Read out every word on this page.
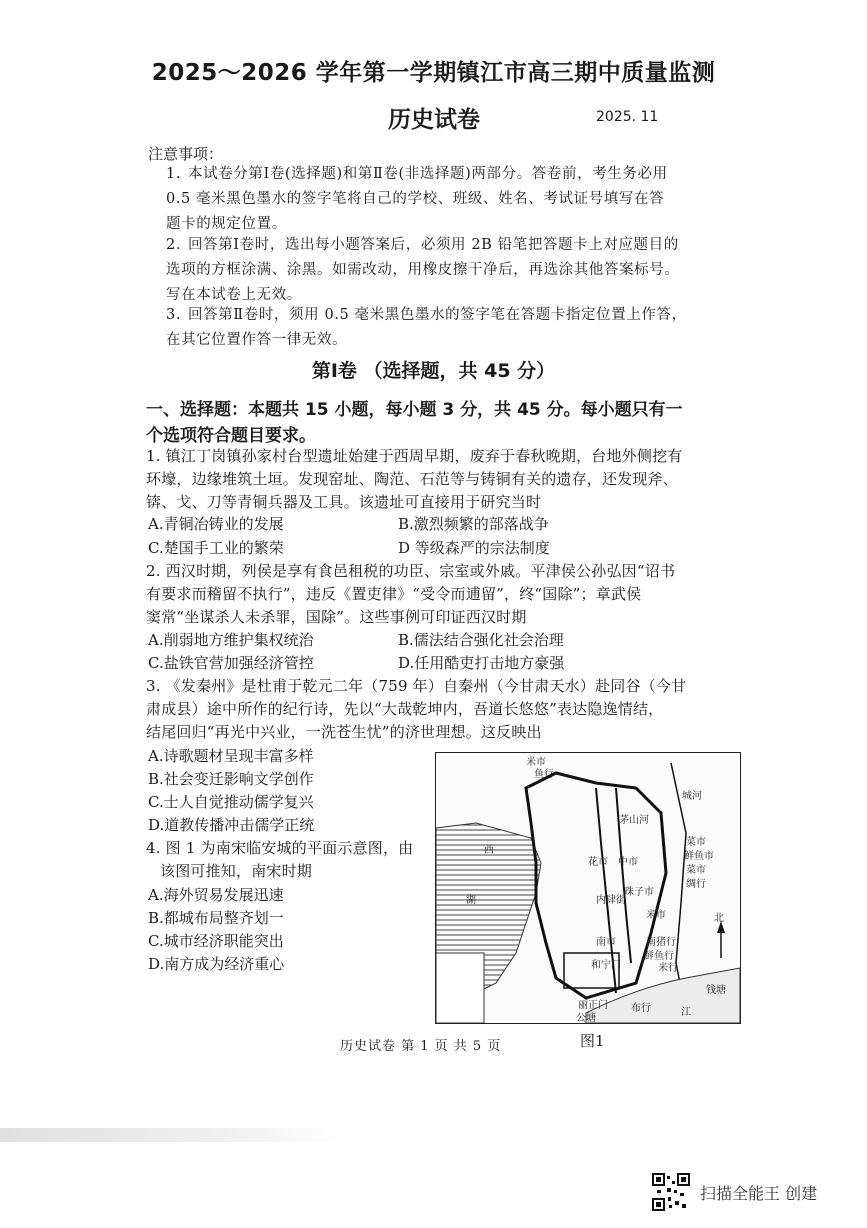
2025～2026 学年第一学期镇江市高三期中质量监测
历史试卷	2025. 11
注意事项：
1. 本试卷分第Ⅰ卷(选择题)和第Ⅱ卷(非选择题)两部分。答卷前，考生务必用
0.5 毫米黑色墨水的签字笔将自己的学校、班级、姓名、考试证号填写在答
题卡的规定位置。
2. 回答第Ⅰ卷时，选出每小题答案后，必须用 2B 铅笔把答题卡上对应题目的
选项的方框涂满、涂黑。如需改动，用橡皮擦干净后，再选涂其他答案标号。
写在本试卷上无效。
3. 回答第Ⅱ卷时，须用 0.5 毫米黑色墨水的签字笔在答题卡指定位置上作答，
在其它位置作答一律无效。
第Ⅰ卷 （选择题，共 45 分）
一、选择题：本题共 15 小题，每小题 3 分，共 45 分。每小题只有一
个选项符合题目要求。
1. 镇江丁岗镇孙家村台型遗址始建于西周早期，废弃于春秋晚期，台地外侧挖有
环壕，边缘堆筑土垣。发现窑址、陶范、石范等与铸铜有关的遗存，还发现斧、
锛、戈、刀等青铜兵器及工具。该遗址可直接用于研究当时
A.青铜冶铸业的发展	B.激烈频繁的部落战争
C.楚国手工业的繁荣	D 等级森严的宗法制度
2. 西汉时期，列侯是享有食邑租税的功臣、宗室或外戚。平津侯公孙弘因“诏书
有要求而稽留不执行”，违反《置吏律》“受令而逋留”，终“国除”；章武侯
窦常“坐谋杀人未杀罪，国除”。这些事例可印证西汉时期
A.削弱地方维护集权统治	B.儒法结合强化社会治理
C.盐铁官营加强经济管控	D.任用酷吏打击地方豪强
3. 《发秦州》是杜甫于乾元二年（759 年）自秦州（今甘肃天水）赴同谷（今甘
肃成县）途中所作的纪行诗，先以“大哉乾坤内，吾道长悠悠”表达隐逸情结，
结尾回归“再光中兴业，一洗苍生忧”的济世理想。这反映出
A.诗歌题材呈现丰富多样
B.社会变迁影响文学创作
C.士人自觉推动儒学复兴
D.道教传播冲击儒学正统
4. 图 1 为南宋临安城的平面示意图，由
该图可推知，南宋时期
A.海外贸易发展迅速
B.都城布局整齐划一
C.城市经济职能突出
D.南方成为经济重心
米市
鱼行
城河
菜市
鲜鱼市
菜市
绸行
茅山河
花市 中市
珠子市
内肆街
西
湖
米市
南猪行
鲜鱼行
米行
南市
和宁门
丽正门 布行
公塘
北
钱塘
江
图1
历史试卷 第 1 页 共 5 页
扫描全能王 创建
